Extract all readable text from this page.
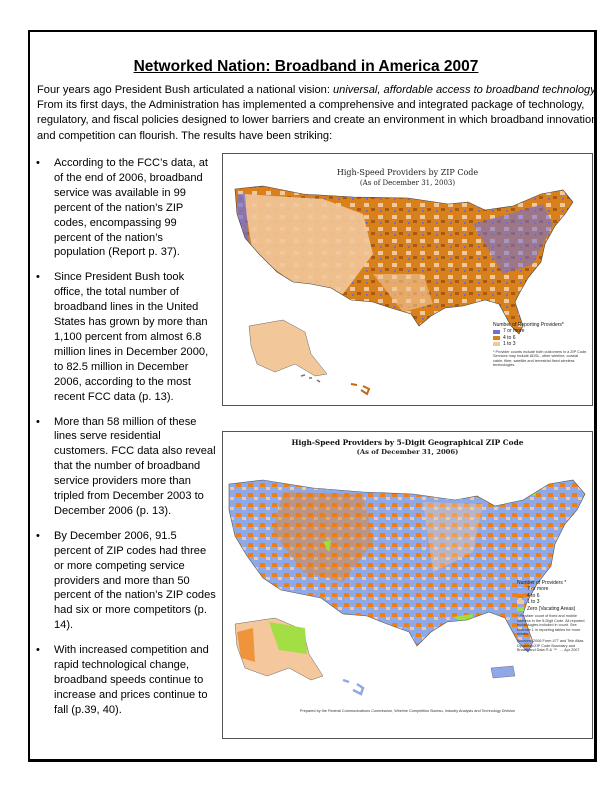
Networked Nation: Broadband in America 2007
Four years ago President Bush articulated a national vision: universal, affordable access to broadband technology. From its first days, the Administration has implemented a comprehensive and integrated package of technology, regulatory, and fiscal policies designed to lower barriers and create an environment in which broadband innovation and competition can flourish. The results have been striking:
• According to the FCC’s data, at of the end of 2006, broadband service was available in 99 percent of the nation’s ZIP codes, encompassing 99 percent of the nation’s population (Report p. 37).
• Since President Bush took office, the total number of broadband lines in the United States has grown by more than 1,100 percent from almost 6.8 million lines in December 2000, to 82.5 million in December 2006, according to the most recent FCC data (p. 13).
• More than 58 million of these lines serve residential customers. FCC data also reveal that the number of broadband service providers more than tripled from December 2003 to December 2006 (p. 13).
• By December 2006, 91.5 percent of ZIP codes had three or more competing service providers and more than 50 percent of the nation’s ZIP codes had six or more competitors (p. 14).
• With increased competition and rapid technological change, broadband speeds continue to increase and prices continue to fall (p.39, 40).
High-Speed Providers by ZIP Code
(As of December 31, 2003)
Number of Reporting Providers*
7 or more
4 to 6
1 to 3
* Provider counts include both customers in a ZIP Code. Services may include ADSL, other wireline, coaxial cable, fiber, satellite and terrestrial fixed wireless technologies.
High-Speed Providers by 5-Digit Geographical ZIP Code
(As of December 31, 2006)
Number of Providers *
7 or more
4 to 6
1 to 3
Zero (Vacating Areas)
* Provider count of fixed and mobile wireless in the 5-Digit Code. All reported technologies included in count. See footnote 1 in reporting tables for more details.
Sources: 2006 Form 477 and Tele Atlas Dynamap/ZIP Code Boundary and Broadband Data ® & ™ . ... Apr 2007
Prepared by the Federal Communications Commission, Wireline Competition Bureau, Industry Analysis and Technology Division
